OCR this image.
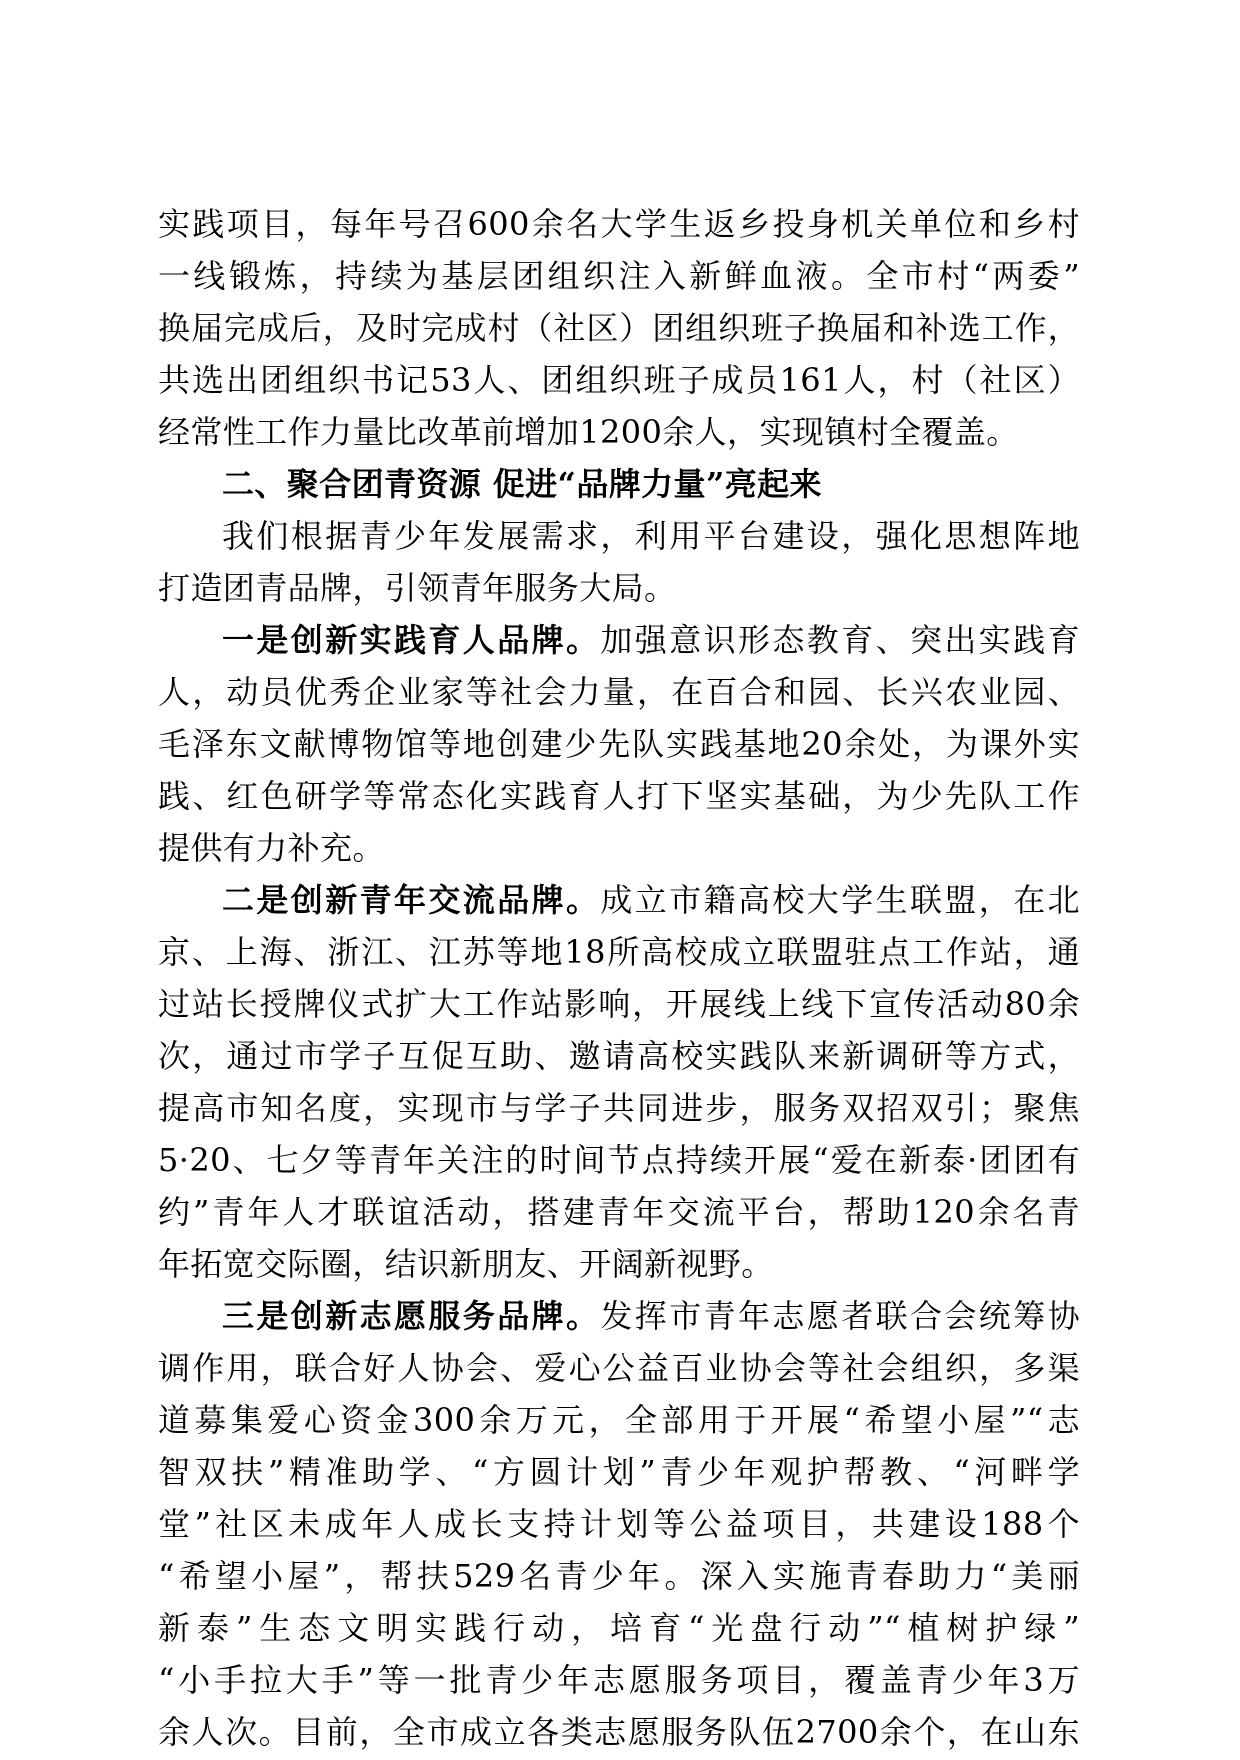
实践项目，每年号召600余名大学生返乡投身机关单位和乡村
一线锻炼，持续为基层团组织注入新鲜血液。全市村“两委”
换届完成后，及时完成村（社区）团组织班子换届和补选工作，
共选出团组织书记53人、团组织班子成员161人，村（社区）
经常性工作力量比改革前增加1200余人，实现镇村全覆盖。
二、聚合团青资源 促进“品牌力量”亮起来
我们根据青少年发展需求，利用平台建设，强化思想阵地
打造团青品牌，引领青年服务大局。
一是创新实践育人品牌。加强意识形态教育、突出实践育
人，动员优秀企业家等社会力量，在百合和园、长兴农业园、
毛泽东文献博物馆等地创建少先队实践基地20余处，为课外实
践、红色研学等常态化实践育人打下坚实基础，为少先队工作
提供有力补充。
二是创新青年交流品牌。成立市籍高校大学生联盟，在北
京、上海、浙江、江苏等地18所高校成立联盟驻点工作站，通
过站长授牌仪式扩大工作站影响，开展线上线下宣传活动80余
次，通过市学子互促互助、邀请高校实践队来新调研等方式，
提高市知名度，实现市与学子共同进步，服务双招双引；聚焦
5·20、七夕等青年关注的时间节点持续开展“爱在新泰·团团有
约”青年人才联谊活动，搭建青年交流平台，帮助120余名青
年拓宽交际圈，结识新朋友、开阔新视野。
三是创新志愿服务品牌。发挥市青年志愿者联合会统筹协
调作用，联合好人协会、爱心公益百业协会等社会组织，多渠
道募集爱心资金300余万元，全部用于开展“希望小屋”“志
智双扶”精准助学、“方圆计划”青少年观护帮教、“河畔学
堂”社区未成年人成长支持计划等公益项目，共建设188个
“希望小屋”，帮扶529名青少年。深入实施青春助力“美丽
新泰”生态文明实践行动，培育“光盘行动”“植树护绿”
“小手拉大手”等一批青少年志愿服务项目，覆盖青少年3万
余人次。目前，全市成立各类志愿服务队伍2700余个，在山东
